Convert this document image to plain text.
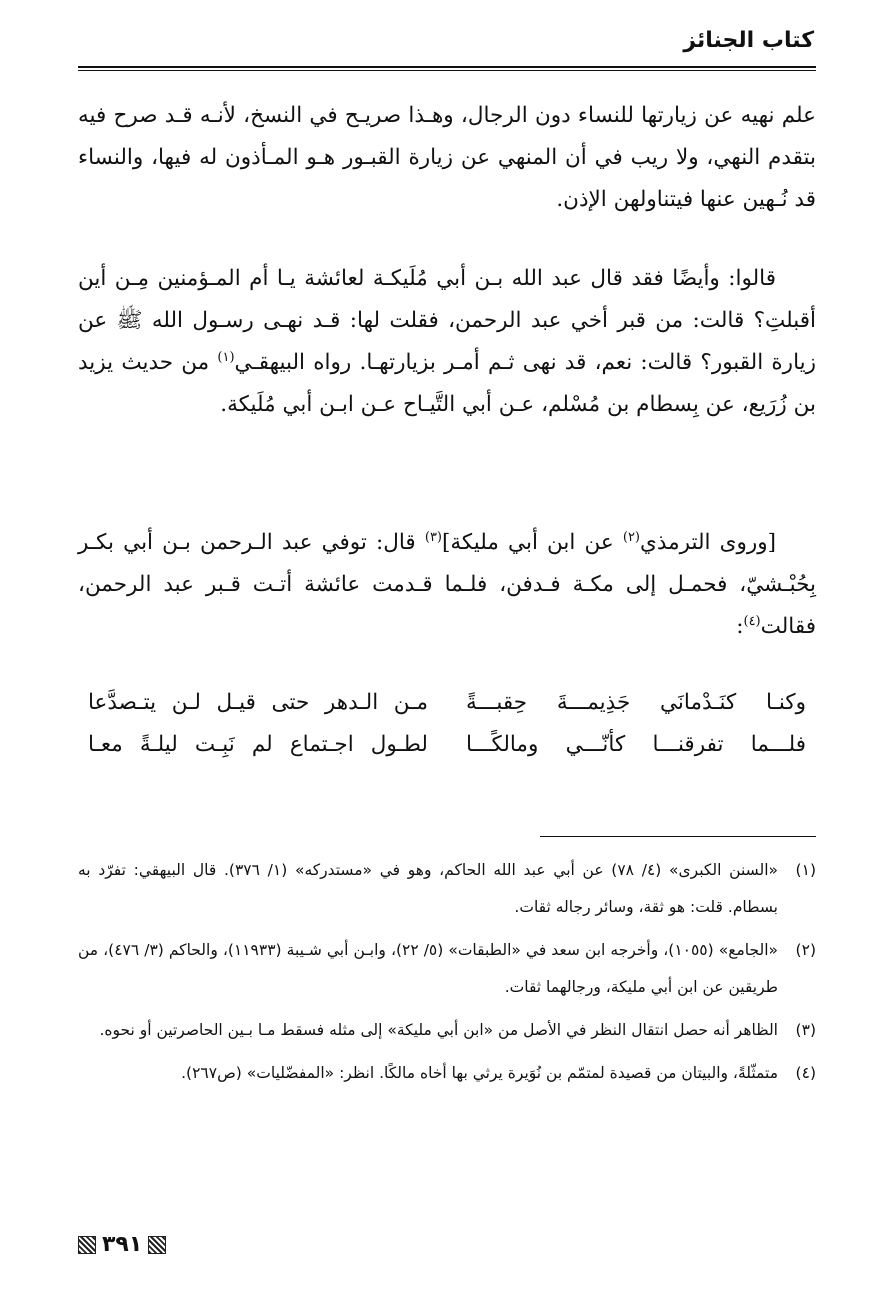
كتاب الجنائز

علم نهيه عن زيارتها للنساء دون الرجال، وهـذا صريـح في النسخ، لأنـه قـد صرح فيه بتقدم النهي، ولا ريب في أن المنهي عن زيارة القبـور هـو المـأذون له فيها، والنساء قد نُـهين عنها فيتناولهن الإذن.

قالوا: وأيضًا فقد قال عبد الله بـن أبي مُلَيكـة لعائشة يـا أم المـؤمنين مِـن أين أقبلتِ؟ قالت: من قبر أخي عبد الرحمن، فقلت لها: قـد نهـى رسـول الله ﷺ عن زيارة القبور؟ قالت: نعم، قد نهى ثـم أمـر بزيارتهـا. رواه البيهقـي$^{(١)}$ من حديث يزيد بن زُرَيع، عن بِسطام بن مُسْلم، عـن أبي التَّيـاح عـن ابـن أبي مُلَيكة.

[وروى الترمذي$^{(٢)}$ عن ابن أبي مليكة]$^{(٣)}$ قال: توفي عبد الـرحمن بـن أبي بكـر بِحُبْـشيّ، فحمـل إلى مكـة فـدفن، فلـما قـدمت عائشة أتـت قـبر عبد الرحمن، فقالت$^{(٤)}$:

وكنـا كنَـدْمانَي جَذِيمـــةَ حِقبـــةً
مـن الـدهر حتى قيـل لـن يتـصدَّعا
فلـــما تفرقنـــا كأنّـــي ومالكًـــا
لطـول اجـتماع لم نَبِـت ليلـةً معـا
(١)
«السنن الكبرى» (٤/ ٧٨) عن أبي عبد الله الحاكم، وهو في «مستدركه» (١/ ٣٧٦). قال البيهقي: تفرّد به بسطام. قلت: هو ثقة، وسائر رجاله ثقات.
(٢)
«الجامع» (١٠٥٥)، وأخرجه ابن سعد في «الطبقات» (٥/ ٢٢)، وابـن أبي شـيبة (١١٩٣٣)، والحاكم (٣/ ٤٧٦)، من طريقين عن ابن أبي مليكة، ورجالهما ثقات.
(٣)
الظاهر أنه حصل انتقال النظر في الأصل من «ابن أبي مليكة» إلى مثله فسقط مـا بـين الحاصرتين أو نحوه.
(٤)
متمثّلةً، والبيتان من قصيدة لمتمّم بن نُوَيرة يرثي بها أخاه مالكًا. انظر: «المفضّليات» (ص٢٦٧).
٣٩١
